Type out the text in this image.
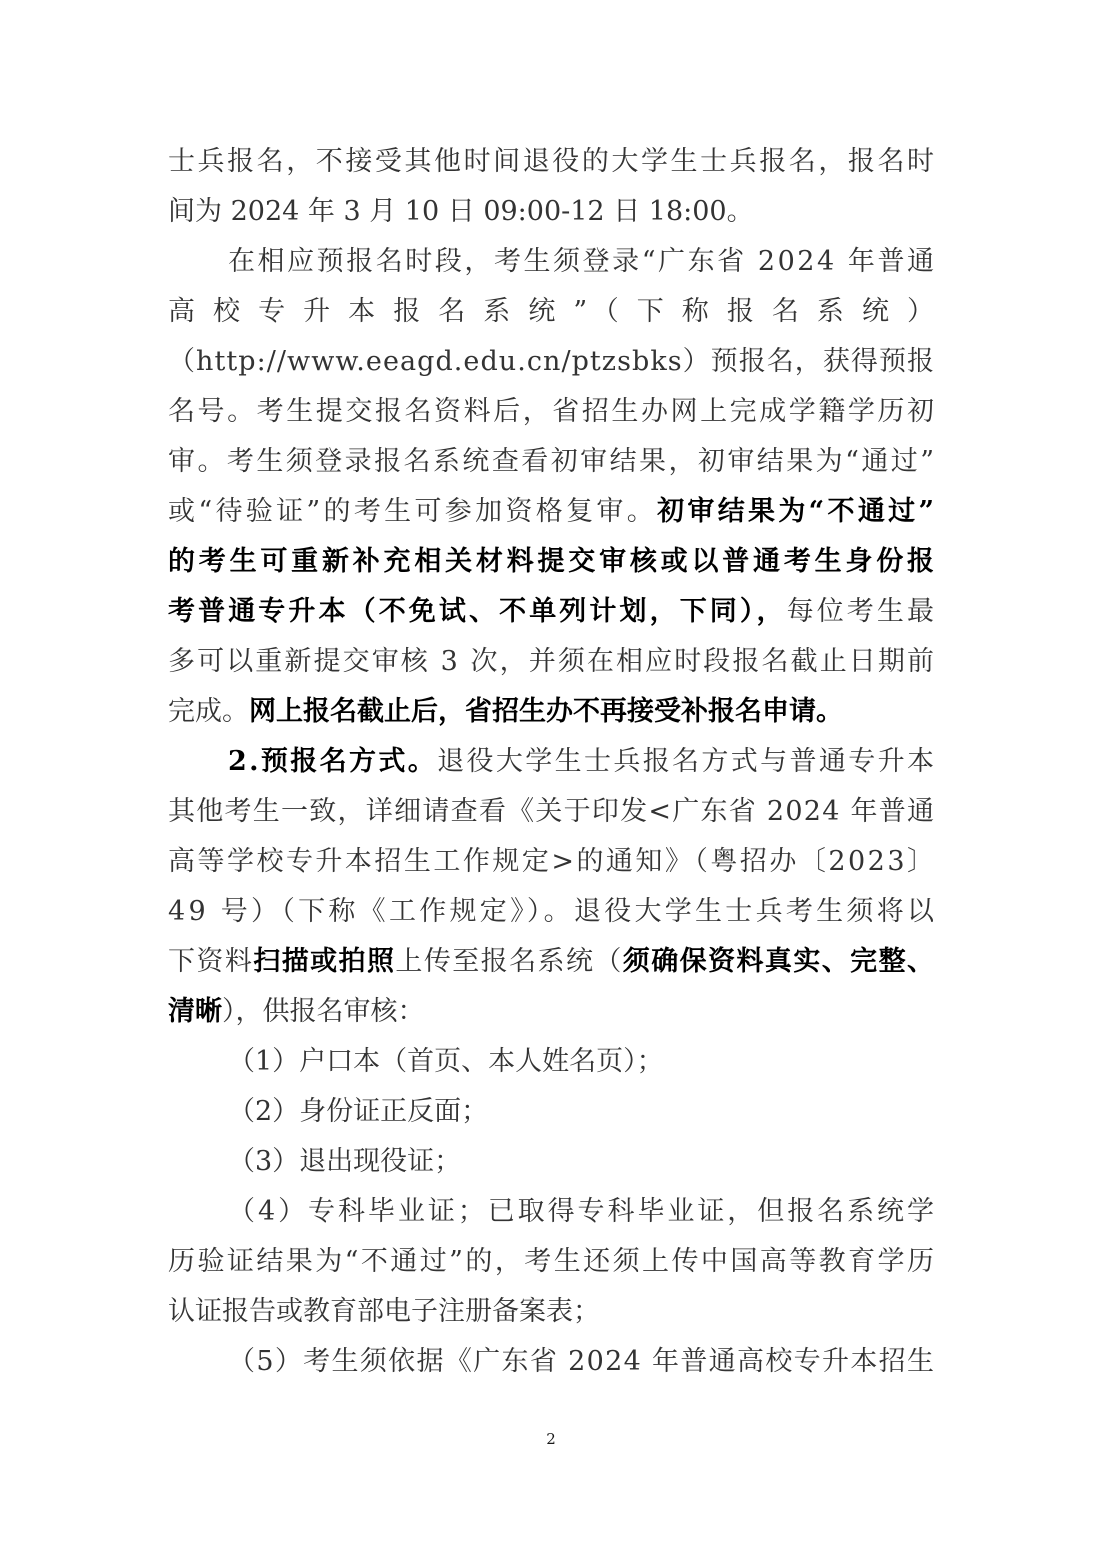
士兵报名，不接受其他时间退役的大学生士兵报名，报名时
间为 2024 年 3 月 10 日 09:00-12 日 18:00。
在相应预报名时段，考生须登录“广东省 2024 年普通
高校专升本报名系统”（下称报名系统）
（http://www.eeagd.edu.cn/ptzsbks）预报名，获得预报
名号。考生提交报名资料后，省招生办网上完成学籍学历初
审。考生须登录报名系统查看初审结果，初审结果为“通过”
或“待验证”的考生可参加资格复审。初审结果为“不通过”
的考生可重新补充相关材料提交审核或以普通考生身份报
考普通专升本（不免试、不单列计划，下同），每位考生最
多可以重新提交审核 3 次，并须在相应时段报名截止日期前
完成。网上报名截止后，省招生办不再接受补报名申请。
2.预报名方式。退役大学生士兵报名方式与普通专升本
其他考生一致，详细请查看《关于印发<广东省 2024 年普通
高等学校专升本招生工作规定>的通知》（粤招办〔2023〕
49 号）（下称《工作规定》）。退役大学生士兵考生须将以
下资料扫描或拍照上传至报名系统（须确保资料真实、完整、
清晰），供报名审核：
（1）户口本（首页、本人姓名页）；
（2）身份证正反面；
（3）退出现役证；
（4）专科毕业证；已取得专科毕业证，但报名系统学
历验证结果为“不通过”的，考生还须上传中国高等教育学历
认证报告或教育部电子注册备案表；
（5）考生须依据《广东省 2024 年普通高校专升本招生
2
